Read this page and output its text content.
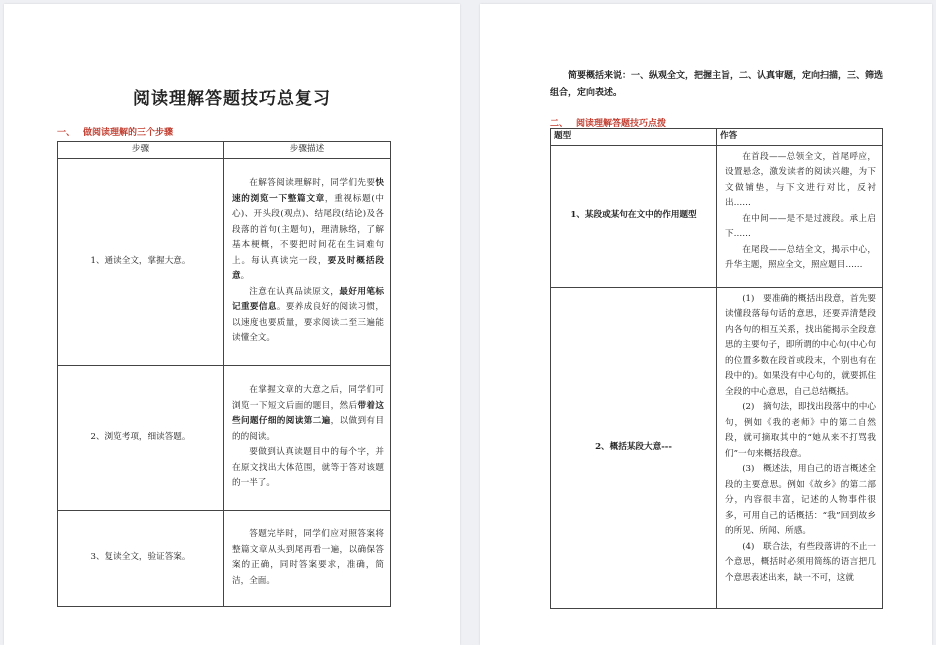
阅读理解答题技巧总复习
一、 做阅读理解的三个步骤
步骤	步骤描述
1、通读全文，掌握大意。	在解答阅读理解时，同学们先要快速的浏览一下整篇文章，重视标题(中心)、开头段(观点)、结尾段(结论)及各段落的首句(主题句)，理清脉络，了解基本梗概，不要把时间花在生词难句上。每认真读完一段，要及时概括段意。

注意在认真品读原文，最好用笔标记重要信息。要养成良好的阅读习惯，以速度也要质量，要求阅读二至三遍能读懂全文。

2、浏览考项，细读答题。	在掌握文章的大意之后，同学们可浏览一下短文后面的题目，然后带着这些问题仔细的阅读第二遍，以做到有目的的阅读。

要做到认真读题目中的每个字，并在原文找出大体范围，就等于答对该题的一半了。

3、复读全文，验证答案。	答题完毕时，同学们应对照答案将整篇文章从头到尾再看一遍，以确保答案的正确，同时答案要求，准确，简洁，全面。

简要概括来说：一、纵观全文，把握主旨，二、认真审题，定向扫描，三、筛选组合，定向表述。
二、 阅读理解答题技巧点拨
题型	作答
1、某段或某句在文中的作用题型	在首段——总领全文，首尾呼应，设置悬念，激发读者的阅读兴趣，为下文做铺垫，与下文进行对比，反衬出……

在中间——是不是过渡段。承上启下……

在尾段——总结全文，揭示中心，升华主题，照应全文，照应题目……

2、概括某段大意---	(1)　要准确的概括出段意，首先要读懂段落每句话的意思，还要弄清楚段内各句的相互关系，找出能揭示全段意思的主要句子，即所谓的中心句(中心句的位置多数在段首或段末，个别也有在段中的)。如果没有中心句的，就要抓住全段的中心意思，自己总结概括。

(2)　摘句法，即找出段落中的中心句，例如《我的老师》中的第二自然段，就可摘取其中的“她从来不打骂我们”一句来概括段意。

(3)　概述法，用自己的语言概述全段的主要意思。例如《故乡》的第二部分，内容很丰富，记述的人物事件很多，可用自己的话概括：“我”回到故乡的所见、所闻、所感。

(4)　联合法，有些段落讲的不止一个意思，概括时必须用简练的语言把几个意思表述出来，缺一不可，这就
